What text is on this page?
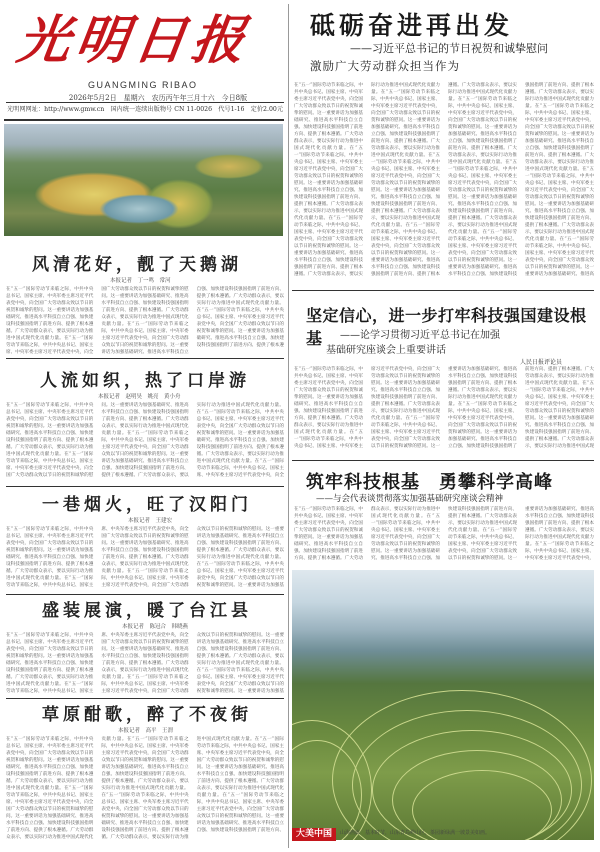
光明日报
GUANGMING RIBAO
2026年5月2日　星期六　农历丙午年三月十六　今日8版
光明网网址：http://www.gmw.cn　国内统一连续出版物号 CN 11-0026　代号1-16　定价2.00元
风清花好，靓了天鹅湖
本报记者　丁一鸣　常河
在“五一”国际劳动节来临之际，中共中央总书记、国家主席、中央军委主席习近平代表党中央，向全国广大劳动群众致以节日的祝贺和诚挚的慰问。这一重要讲话为加强基础研究、推进高水平科技自立自强、加快建设科技强国指明了前进方向、提供了根本遵循。广大劳动群众表示，要以实际行动为推进中国式现代化贡献力量。在“五一”国际劳动节来临之际，中共中央总书记、国家主席、中央军委主席习近平代表党中央，向全国广大劳动群众致以节日的祝贺和诚挚的慰问。这一重要讲话为加强基础研究、推进高水平科技自立自强、加快建设科技强国指明了前进方向、提供了根本遵循。广大劳动群众表示，要以实际行动为推进中国式现代化贡献力量。在“五一”国际劳动节来临之际，中共中央总书记、国家主席、中央军委主席习近平代表党中央，向全国广大劳动群众致以节日的祝贺和诚挚的慰问。这一重要讲话为加强基础研究、推进高水平科技自立自强、加快建设科技强国指明了前进方向、提供了根本遵循。广大劳动群众表示，要以实际行动为推进中国式现代化贡献力量。在“五一”国际劳动节来临之际，中共中央总书记、国家主席、中央军委主席习近平代表党中央，向全国广大劳动群众致以节日的祝贺和诚挚的慰问。这一重要讲话为加强基础研究、推进高水平科技自立自强、加快建设科技强国指明了前进方向、提供了根本遵
人流如织，热了口岸游
本报记者　赵明昊　姚亮　黄小舟
在“五一”国际劳动节来临之际，中共中央总书记、国家主席、中央军委主席习近平代表党中央，向全国广大劳动群众致以节日的祝贺和诚挚的慰问。这一重要讲话为加强基础研究、推进高水平科技自立自强、加快建设科技强国指明了前进方向、提供了根本遵循。广大劳动群众表示，要以实际行动为推进中国式现代化贡献力量。在“五一”国际劳动节来临之际，中共中央总书记、国家主席、中央军委主席习近平代表党中央，向全国广大劳动群众致以节日的祝贺和诚挚的慰问。这一重要讲话为加强基础研究、推进高水平科技自立自强、加快建设科技强国指明了前进方向、提供了根本遵循。广大劳动群众表示，要以实际行动为推进中国式现代化贡献力量。在“五一”国际劳动节来临之际，中共中央总书记、国家主席、中央军委主席习近平代表党中央，向全国广大劳动群众致以节日的祝贺和诚挚的慰问。这一重要讲话为加强基础研究、推进高水平科技自立自强、加快建设科技强国指明了前进方向、提供了根本遵循。广大劳动群众表示，要以实际行动为推进中国式现代化贡献力量。在“五一”国际劳动节来临之际，中共中央总书记、国家主席、中央军委主席习近平代表党中央，向全国广大劳动群众致以节日的祝贺和诚挚的慰问。这一重要讲话为加强基础研究、推进高水平科技自立自强、加快建设科技强国指明了前进方向、提供了根本遵循。广大劳动群众表示，要以实际行动为推进中国式现代化贡献力量。在“五一”国际劳动节来临之际，中共中央总书记、国家主席、中央军委主席习近平代表党中央，向全
一巷烟火，旺了汉阳门
本报记者　王建宏
在“五一”国际劳动节来临之际，中共中央总书记、国家主席、中央军委主席习近平代表党中央，向全国广大劳动群众致以节日的祝贺和诚挚的慰问。这一重要讲话为加强基础研究、推进高水平科技自立自强、加快建设科技强国指明了前进方向、提供了根本遵循。广大劳动群众表示，要以实际行动为推进中国式现代化贡献力量。在“五一”国际劳动节来临之际，中共中央总书记、国家主席、中央军委主席习近平代表党中央，向全国广大劳动群众致以节日的祝贺和诚挚的慰问。这一重要讲话为加强基础研究、推进高水平科技自立自强、加快建设科技强国指明了前进方向、提供了根本遵循。广大劳动群众表示，要以实际行动为推进中国式现代化贡献力量。在“五一”国际劳动节来临之际，中共中央总书记、国家主席、中央军委主席习近平代表党中央，向全国广大劳动群众致以节日的祝贺和诚挚的慰问。这一重要讲话为加强基础研究、推进高水平科技自立自强、加快建设科技强国指明了前进方向、提供了根本遵循。广大劳动群众表示，要以实际行动为推进中国式现代化贡献力量。在“五一”国际劳动节来临之际，中共中央总书记、国家主席、中央军委主席习近平代表党中央，向全国广大劳动群众致以节日的祝贺和诚挚的慰问。这一重要讲话为加强基
盛装展演，暖了台江县
本报记者　陈冠合　韩晓燕
在“五一”国际劳动节来临之际，中共中央总书记、国家主席、中央军委主席习近平代表党中央，向全国广大劳动群众致以节日的祝贺和诚挚的慰问。这一重要讲话为加强基础研究、推进高水平科技自立自强、加快建设科技强国指明了前进方向、提供了根本遵循。广大劳动群众表示，要以实际行动为推进中国式现代化贡献力量。在“五一”国际劳动节来临之际，中共中央总书记、国家主席、中央军委主席习近平代表党中央，向全国广大劳动群众致以节日的祝贺和诚挚的慰问。这一重要讲话为加强基础研究、推进高水平科技自立自强、加快建设科技强国指明了前进方向、提供了根本遵循。广大劳动群众表示，要以实际行动为推进中国式现代化贡献力量。在“五一”国际劳动节来临之际，中共中央总书记、国家主席、中央军委主席习近平代表党中央，向全国广大劳动群众致以节日的祝贺和诚挚的慰问。这一重要讲话为加强基础研究、推进高水平科技自立自强、加快建设科技强国指明了前进方向、提供了根本遵循。广大劳动群众表示，要以实际行动为推进中国式现代化贡献力量。在“五一”国际劳动节来临之际，中共中央总书记、国家主席、中央军委主席习近平代表党中央，向全国广大劳动群众致以节日的祝贺和诚挚的慰问。这一重要讲话为加强基
草原酣歌，醉了不夜街
本报记者　高平　王渭
在“五一”国际劳动节来临之际，中共中央总书记、国家主席、中央军委主席习近平代表党中央，向全国广大劳动群众致以节日的祝贺和诚挚的慰问。这一重要讲话为加强基础研究、推进高水平科技自立自强、加快建设科技强国指明了前进方向、提供了根本遵循。广大劳动群众表示，要以实际行动为推进中国式现代化贡献力量。在“五一”国际劳动节来临之际，中共中央总书记、国家主席、中央军委主席习近平代表党中央，向全国广大劳动群众致以节日的祝贺和诚挚的慰问。这一重要讲话为加强基础研究、推进高水平科技自立自强、加快建设科技强国指明了前进方向、提供了根本遵循。广大劳动群众表示，要以实际行动为推进中国式现代化贡献力量。在“五一”国际劳动节来临之际，中共中央总书记、国家主席、中央军委主席习近平代表党中央，向全国广大劳动群众致以节日的祝贺和诚挚的慰问。这一重要讲话为加强基础研究、推进高水平科技自立自强、加快建设科技强国指明了前进方向、提供了根本遵循。广大劳动群众表示，要以实际行动为推进中国式现代化贡献力量。在“五一”国际劳动节来临之际，中共中央总书记、国家主席、中央军委主席习近平代表党中央，向全国广大劳动群众致以节日的祝贺和诚挚的慰问。这一重要讲话为加强基础研究、推进高水平科技自立自强、加快建设科技强国指明了前进方向、提供了根本遵循。广大劳动群众表示，要以实际行动为推进中国式现代化贡献力量。在“五一”国际劳动节来临之际，中共中央总书记、国家主席、中央军委主席习近平代表党中央，向全国广大劳动群众致以节日的祝贺和诚挚的慰问。这一重要讲话为加强基础研究、推进高水平科技自立自强、加快建设科技强国指明了前进方向、提供了根本遵循。广大劳动群众表示，要以实际行动为推进中国式现代化贡献力量。在“五一”国际劳动节来临之际，中共中央总书记、国家主席、中央军委主席习近平代表党中央，向全国广大劳动群众致以节日的祝贺和诚挚的慰问。这一重要讲话为加强基础研究、推进高水平科技自立自强、加快建设科技强国指明了前进方向、
砥砺奋进再出发
——习近平总书记的节日祝贺和诚挚慰问
激励广大劳动群众担当作为
在“五一”国际劳动节来临之际，中共中央总书记、国家主席、中央军委主席习近平代表党中央，向全国广大劳动群众致以节日的祝贺和诚挚的慰问。这一重要讲话为加强基础研究、推进高水平科技自立自强、加快建设科技强国指明了前进方向、提供了根本遵循。广大劳动群众表示，要以实际行动为推进中国式现代化贡献力量。在“五一”国际劳动节来临之际，中共中央总书记、国家主席、中央军委主席习近平代表党中央，向全国广大劳动群众致以节日的祝贺和诚挚的慰问。这一重要讲话为加强基础研究、推进高水平科技自立自强、加快建设科技强国指明了前进方向、提供了根本遵循。广大劳动群众表示，要以实际行动为推进中国式现代化贡献力量。在“五一”国际劳动节来临之际，中共中央总书记、国家主席、中央军委主席习近平代表党中央，向全国广大劳动群众致以节日的祝贺和诚挚的慰问。这一重要讲话为加强基础研究、推进高水平科技自立自强、加快建设科技强国指明了前进方向、提供了根本遵循。广大劳动群众表示，要以实际行动为推进中国式现代化贡献力量。在“五一”国际劳动节来临之际，中共中央总书记、国家主席、中央军委主席习近平代表党中央，向全国广大劳动群众致以节日的祝贺和诚挚的慰问。这一重要讲话为加强基础研究、推进高水平科技自立自强、加快建设科技强国指明了前进方向、提供了根本遵循。广大劳动群众表示，要以实际行动为推进中国式现代化贡献力量。在“五一”国际劳动节来临之际，中共中央总书记、国家主席、中央军委主席习近平代表党中央，向全国广大劳动群众致以节日的祝贺和诚挚的慰问。这一重要讲话为加强基础研究、推进高水平科技自立自强、加快建设科技强国指明了前进方向、提供了根本遵循。广大劳动群众表示，要以实际行动为推进中国式现代化贡献力量。在“五一”国际劳动节来临之际，中共中央总书记、国家主席、中央军委主席习近平代表党中央，向全国广大劳动群众致以节日的祝贺和诚挚的慰问。这一重要讲话为加强基础研究、推进高水平科技自立自强、加快建设科技强国指明了前进方向、提供了根本遵循。广大劳动群众表示，要以实际行动为推进中国式现代化贡献力量。在“五一”国际劳动节来临之际，中共中央总书记、国家主席、中央军委主席习近平代表党中央，向全国广大劳动群众致以节日的祝贺和诚挚的慰问。这一重要讲话为加强基础研究、推进高水平科技自立自强、加快建设科技强国指明了前进方向、提供了根本遵循。广大劳动群众表示，要以实际行动为推进中国式现代化贡献力量。在“五一”国际劳动节来临之际，中共中央总书记、国家主席、中央军委主席习近平代表党中央，向全国广大劳动群众致以节日的祝贺和诚挚的慰问。这一重要讲话为加强基础研究、推进高水平科技自立自强、加快建设科技强国指明了前进方向、提供了根本遵循。广大劳动群众表示，要以实际行动为推进中国式现代化贡献力量。在“五一”国际劳动节来临之际，中共中央总书记、国家主席、中央军委主席习近平代表党中央，向全国广大劳动群众致以节日的祝贺和诚挚的慰问。这一重要讲话为加强基础研究、推进高水平科技自立自强、加快建设科技强国指明了前进方向、提供了根本遵循。广大劳动群众表示，要以实际行动为推进中国式现代化贡献力量。在“五一”国际劳动节来临之际，中共中央总书记、国家主席、中央军委主席习近平代表党中央，向全国广大劳动群众致以节日的祝贺和诚挚的慰问。这一重要讲话为加强基础研究、推进高水平科技自立自强、加快建设科技强国指明了前进方向、提供了根本遵循。广大劳动群众表示，要以实际行动为推进中国式现代化贡献力量。在“五一”国际劳动节来临之际，中共中央总书记、国家主席、中央军委主席习近平代表党中央，向全国广大劳动群众致以节日的祝贺和诚挚的慰问。这一重要讲话为加强基础研究、推进高水平科技自立自强、加快建设科技强国指明了前进方向、提供了根本遵循。广大劳动群众表示，要以实际行动为推进中国式现代化贡献力量。在“五一”国际劳动节来临之际，中共中央总书记、国家主席、中央军委主席习近平代表党中央，向全国广大劳动群众致以节日的祝贺和诚挚的慰问。这一重要讲话为加强基础研究、推进高
坚定信心，进一步打牢科技强国建设根基	——论学习贯彻习近平总书记在加强
基础研究座谈会上重要讲话
人民日报评论员
在“五一”国际劳动节来临之际，中共中央总书记、国家主席、中央军委主席习近平代表党中央，向全国广大劳动群众致以节日的祝贺和诚挚的慰问。这一重要讲话为加强基础研究、推进高水平科技自立自强、加快建设科技强国指明了前进方向、提供了根本遵循。广大劳动群众表示，要以实际行动为推进中国式现代化贡献力量。在“五一”国际劳动节来临之际，中共中央总书记、国家主席、中央军委主席习近平代表党中央，向全国广大劳动群众致以节日的祝贺和诚挚的慰问。这一重要讲话为加强基础研究、推进高水平科技自立自强、加快建设科技强国指明了前进方向、提供了根本遵循。广大劳动群众表示，要以实际行动为推进中国式现代化贡献力量。在“五一”国际劳动节来临之际，中共中央总书记、国家主席、中央军委主席习近平代表党中央，向全国广大劳动群众致以节日的祝贺和诚挚的慰问。这一重要讲话为加强基础研究、推进高水平科技自立自强、加快建设科技强国指明了前进方向、提供了根本遵循。广大劳动群众表示，要以实际行动为推进中国式现代化贡献力量。在“五一”国际劳动节来临之际，中共中央总书记、国家主席、中央军委主席习近平代表党中央，向全国广大劳动群众致以节日的祝贺和诚挚的慰问。这一重要讲话为加强基础研究、推进高水平科技自立自强、加快建设科技强国指明了前进方向、提供了根本遵循。广大劳动群众表示，要以实际行动为推进中国式现代化贡献力量。在“五一”国际劳动节来临之际，中共中央总书记、国家主席、中央军委主席习近平代表党中央，向全国广大劳动群众致以节日的祝贺和诚挚的慰问。这一重要讲话为加强基础研究、推进高水平科技自立自强、加快建设科技强国指明了前进方向、提供了根本遵循。广大劳动群众表示，要以实际行动为推进中国式现
筑牢科技根基　勇攀科学高峰
——与会代表谈贯彻落实加强基础研究座谈会精神
在“五一”国际劳动节来临之际，中共中央总书记、国家主席、中央军委主席习近平代表党中央，向全国广大劳动群众致以节日的祝贺和诚挚的慰问。这一重要讲话为加强基础研究、推进高水平科技自立自强、加快建设科技强国指明了前进方向、提供了根本遵循。广大劳动群众表示，要以实际行动为推进中国式现代化贡献力量。在“五一”国际劳动节来临之际，中共中央总书记、国家主席、中央军委主席习近平代表党中央，向全国广大劳动群众致以节日的祝贺和诚挚的慰问。这一重要讲话为加强基础研究、推进高水平科技自立自强、加快建设科技强国指明了前进方向、提供了根本遵循。广大劳动群众表示，要以实际行动为推进中国式现代化贡献力量。在“五一”国际劳动节来临之际，中共中央总书记、国家主席、中央军委主席习近平代表党中央，向全国广大劳动群众致以节日的祝贺和诚挚的慰问。这一重要讲话为加强基础研究、推进高水平科技自立自强、加快建设科技强国指明了前进方向、提供了根本遵循。广大劳动群众表示，要以实际行动为推进中国式现代化贡献力量。在“五一”国际劳动节来临之际，中共中央总书记、国家主席、中央军委主席习近平代表党中央，
大美中国	山海画廊　基本时节，山东青岛崂山区，茶园新绿满一坡景美如画。
